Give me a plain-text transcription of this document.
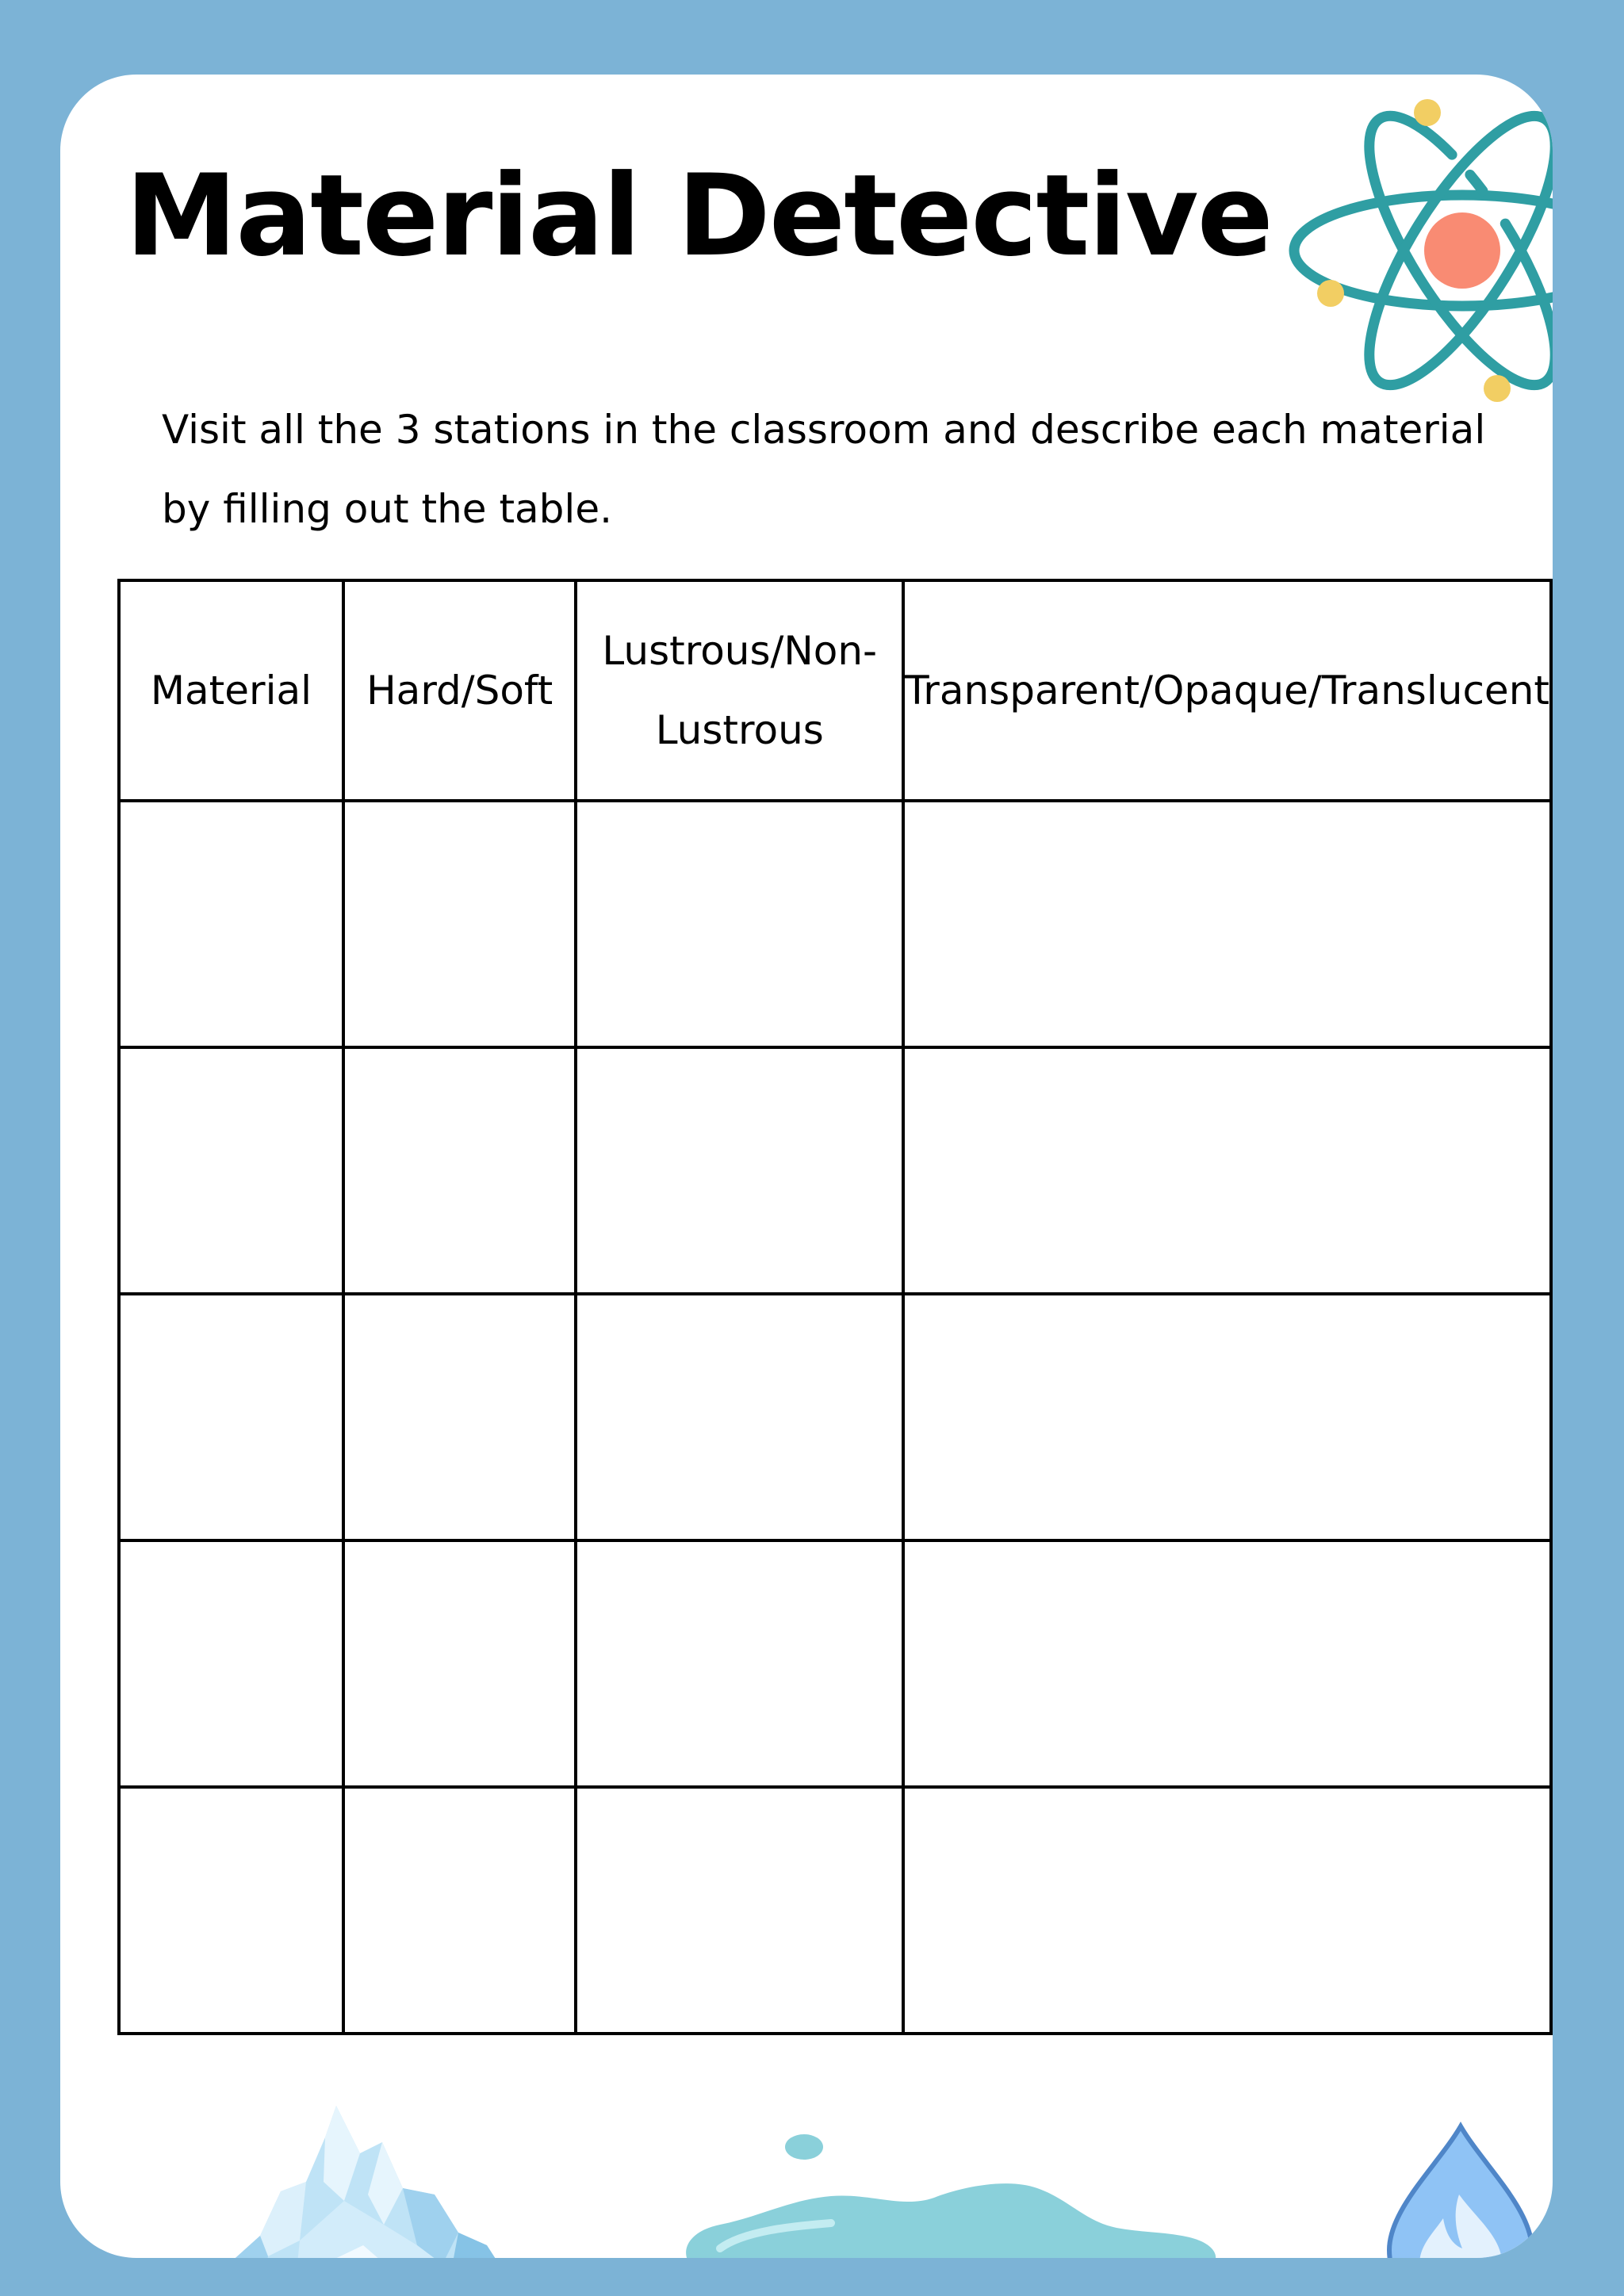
Material Detective

Visit all the 3 stations in the classroom and describe each material by filling out the table.

Material	Hard/Soft	Lustrous/Non-Lustrous	Transparent/Opaque/Translucent
